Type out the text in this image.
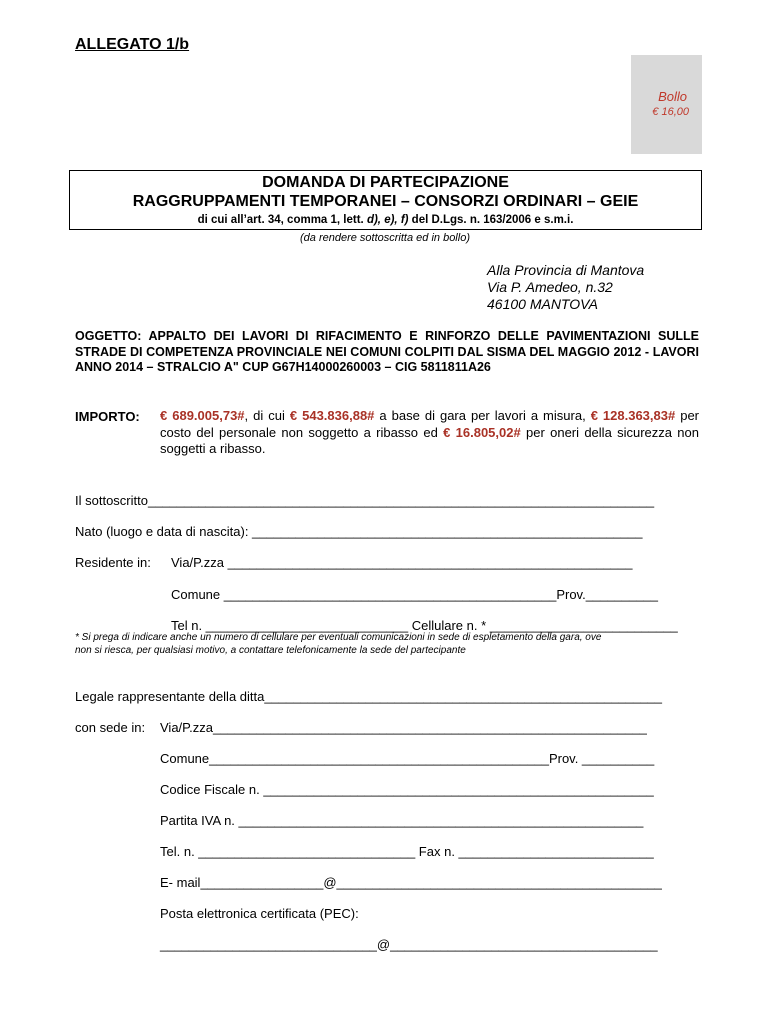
ALLEGATO 1/b
Bollo
€ 16,00
DOMANDA DI PARTECIPAZIONE
RAGGRUPPAMENTI TEMPORANEI – CONSORZI ORDINARI – GEIE
di cui all’art. 34, comma 1, lett. d), e), f) del D.Lgs. n. 163/2006 e s.m.i.
(da rendere sottoscritta ed in bollo)
Alla Provincia di Mantova
Via P. Amedeo, n.32
46100 MANTOVA
OGGETTO: APPALTO DEI LAVORI DI RIFACIMENTO E RINFORZO DELLE PAVIMENTAZIONI SULLE STRADE DI COMPETENZA PROVINCIALE NEI COMUNI COLPITI DAL SISMA DEL MAGGIO 2012 - LAVORI ANNO 2014 – STRALCIO A" CUP G67H14000260003 – CIG 5811811A26
IMPORTO: € 689.005,73#, di cui € 543.836,88# a base di gara per lavori a misura, € 128.363,83# per costo del personale non soggetto a ribasso ed € 16.805,02# per oneri della sicurezza non soggetti a ribasso.
Il sottoscritto______________________________________________________________________
Nato (luogo e data di nascita): ______________________________________________________
Residente in: Via/P.zza ________________________________________________________
Comune ______________________________________________Prov.__________
Tel n. ____________________________ Cellulare n. * __________________________
* Si prega di indicare anche un numero di cellulare per eventuali comunicazioni in sede di espletamento della gara, ove
non si riesca, per qualsiasi motivo, a contattare telefonicamente la sede del partecipante
Legale rappresentante della ditta_______________________________________________________
con sede in: Via/P.zza____________________________________________________________
Comune_______________________________________________Prov. __________
Codice Fiscale n. ______________________________________________________
Partita IVA n. ________________________________________________________
Tel. n. ______________________________ Fax n. ___________________________
E- mail_________________@_____________________________________________
Posta elettronica certificata (PEC):
______________________________@_____________________________________
